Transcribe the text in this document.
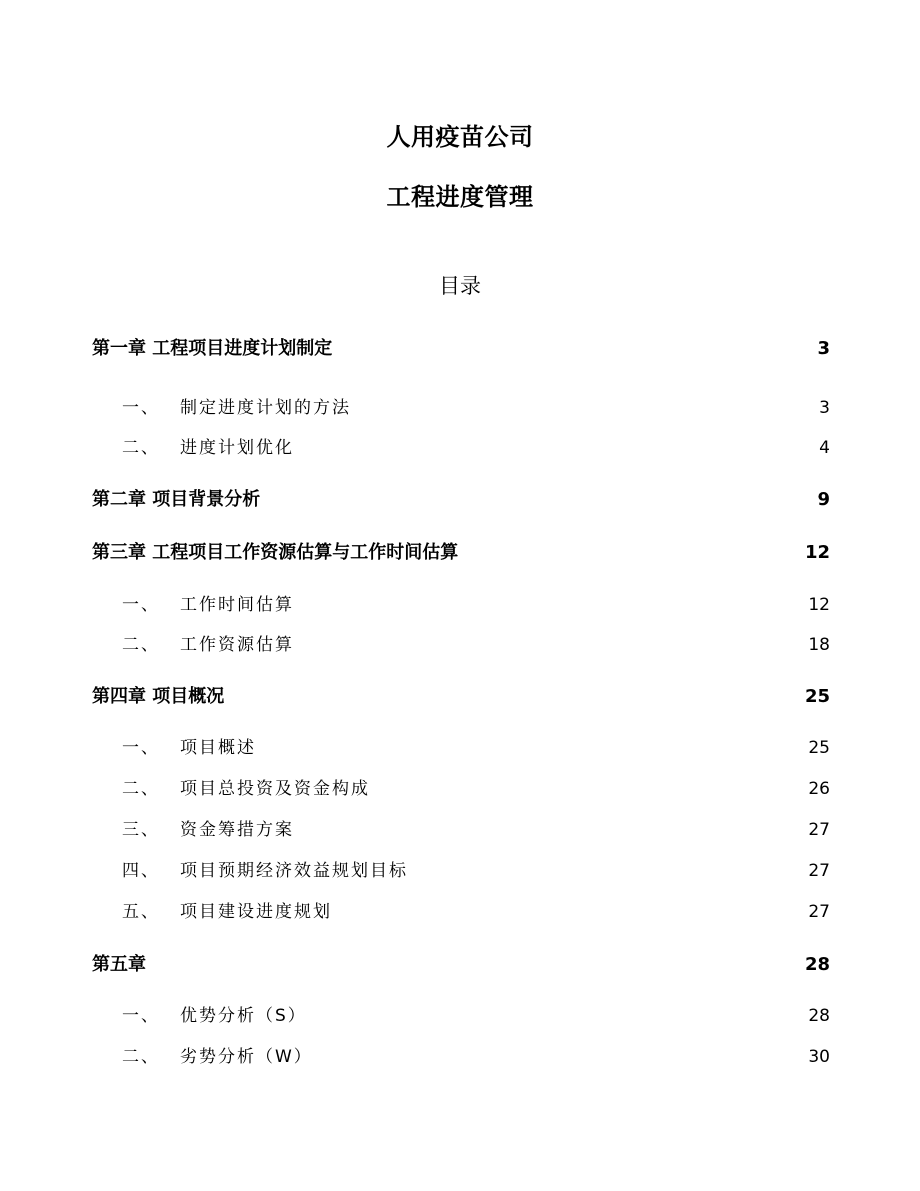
人用疫苗公司
工程进度管理
目录
第一章 工程项目进度计划制定	3
一、 制定进度计划的方法	3
二、 进度计划优化	4
第二章 项目背景分析	9
第三章 工程项目工作资源估算与工作时间估算	12
一、 工作时间估算	12
二、 工作资源估算	18
第四章 项目概况	25
一、 项目概述	25
二、 项目总投资及资金构成	26
三、 资金筹措方案	27
四、 项目预期经济效益规划目标	27
五、 项目建设进度规划	27
第五章	28
一、 优势分析（S）	28
二、 劣势分析（W）	30
